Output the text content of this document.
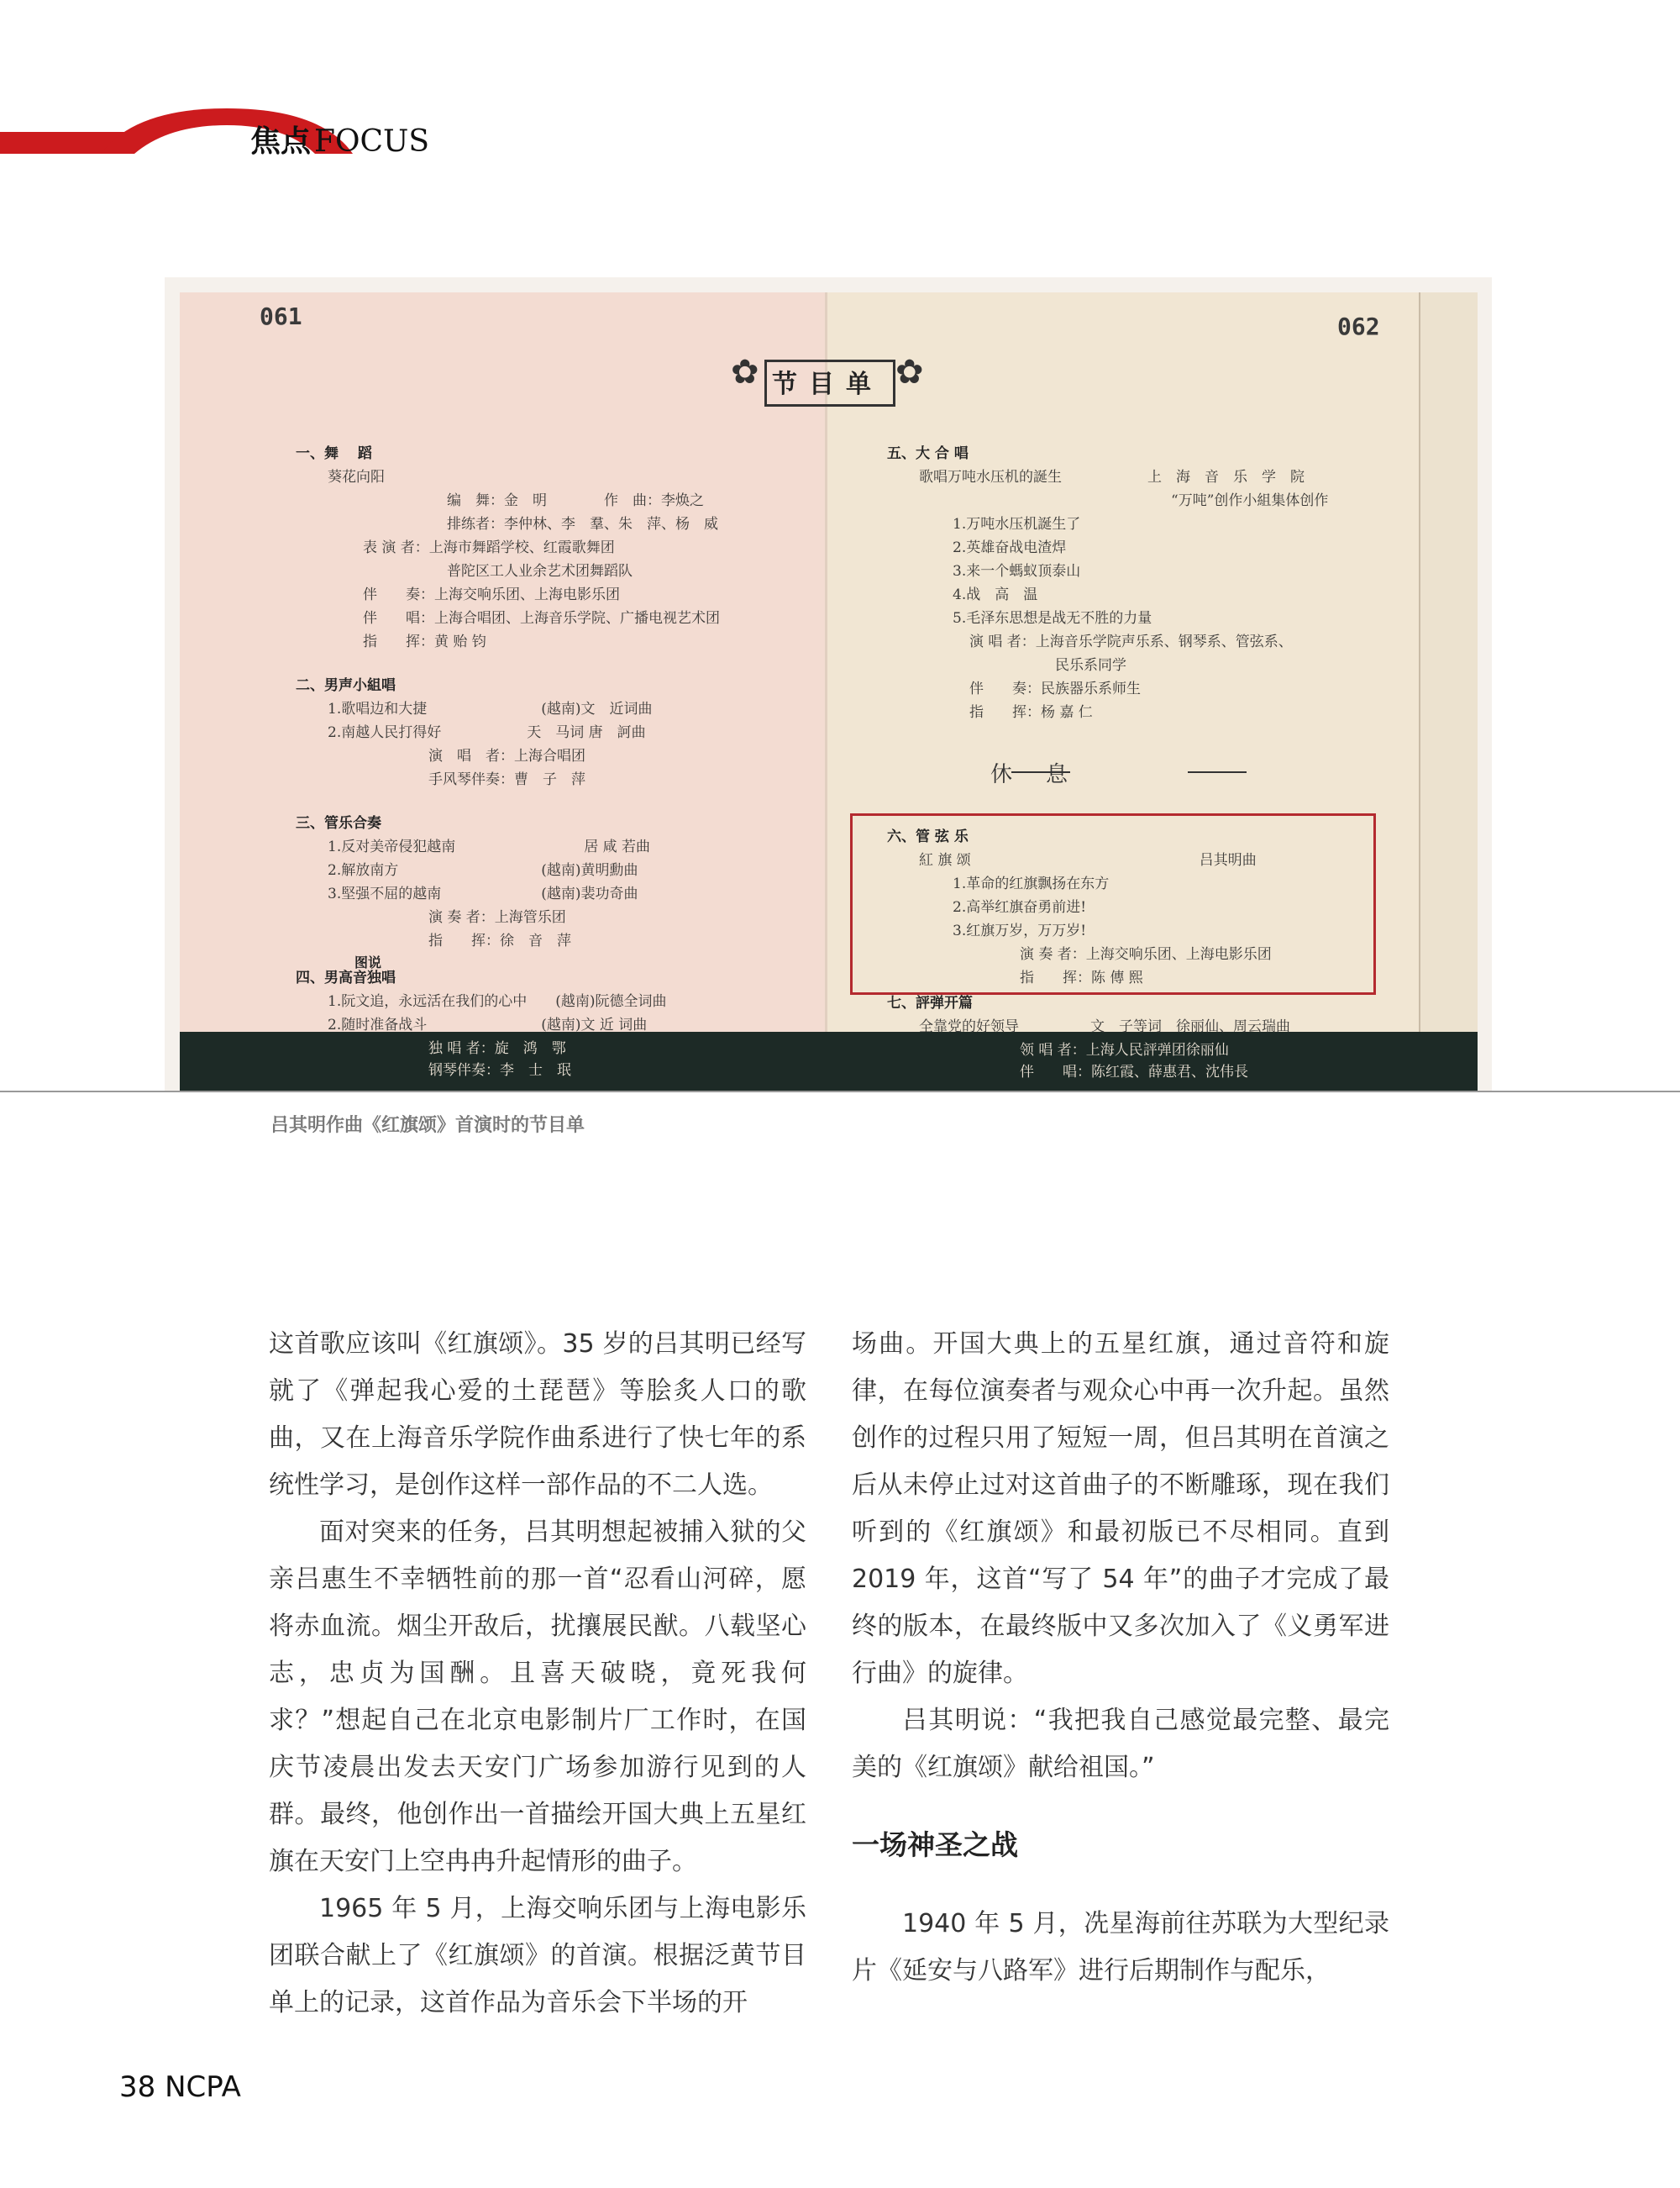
焦点 FOCUS
061	062
✿ 节目单 ✿
一、舞　 蹈
葵花向阳
编　舞：金　明　　　　作　曲：李焕之
排练者：李仲林、李　羣、朱　萍、杨　威
表 演 者：上海市舞蹈学校、红霞歌舞团
普陀区工人业余艺术团舞蹈队
伴　　奏：上海交响乐团、上海电影乐团
伴　　唱：上海合唱团、上海音乐学院、广播电视艺术团
指　　挥：黄 贻 钧
二、男声小組唱
1.歌唱边和大捷　　　　　　　　(越南)文　近词曲
2.南越人民打得好　　　　　　天　马词 唐　訶曲
演　唱　者：上海合唱团
手风琴伴奏：曹　子　萍
三、管乐合奏
1.反对美帝侵犯越南　　　　　　　　　居 咸 若曲
2.解放南方　　　　　　　　　　(越南)黄明勳曲
3.堅强不屈的越南　　　　　　　(越南)裴功奇曲
演 奏 者：上海管乐团
指　　挥：徐　音　萍
图说
四、男高音独唱
1.阮文追，永远活在我们的心中　　(越南)阮德全词曲
2.随时准备战斗　　　　　　　　(越南)文 近 词曲
独 唱 者：旋　鸿　鄂
钢琴伴奏：李　士　珉
五、大 合 唱
歌唱万吨水压机的誕生　　　　　　上　海　音　乐　学　院
“万吨”创作小組集体创作
1.万吨水压机誕生了
2.英雄奋战电渣焊
3.来一个螞蚁顶泰山
4.战　高　温
5.毛泽东思想是战无不胜的力量
演 唱 者：上海音乐学院声乐系、钢琴系、管弦系、
民乐系同学
伴　　奏：民族器乐系师生
指　　挥：杨 嘉 仁
休息
六、管 弦 乐
紅 旗 颂　　　　　　　　　　　　　　　　吕其明曲
1.革命的红旗飘扬在东方
2.高举红旗奋勇前进!
3.红旗万岁，万万岁!
演 奏 者：上海交响乐团、上海电影乐团
指　　挥：陈 傳 熙
七、評弹开篇
全靠党的好领导　　　　　文　子等词　徐丽仙、周云瑞曲
领 唱 者：上海人民評弹团徐丽仙
伴　　唱：陈红霞、薛惠君、沈伟長
吕其明作曲《红旗颂》首演时的节目单

这首歌应该叫《红旗颂》。35 岁的吕其明已经写就了《弹起我心爱的土琵琶》等脍炙人口的歌曲，又在上海音乐学院作曲系进行了快七年的系统性学习，是创作这样一部作品的不二人选。

面对突来的任务，吕其明想起被捕入狱的父亲吕惠生不幸牺牲前的那一首“忍看山河碎，愿将赤血流。烟尘开敌后，扰攘展民猷。八载坚心志，忠贞为国酬。且喜天破晓，竟死我何求？”想起自己在北京电影制片厂工作时，在国庆节凌晨出发去天安门广场参加游行见到的人群。最终，他创作出一首描绘开国大典上五星红旗在天安门上空冉冉升起情形的曲子。

1965 年 5 月，上海交响乐团与上海电影乐团联合献上了《红旗颂》的首演。根据泛黄节目单上的记录，这首作品为音乐会下半场的开

场曲。开国大典上的五星红旗，通过音符和旋律，在每位演奏者与观众心中再一次升起。虽然创作的过程只用了短短一周，但吕其明在首演之后从未停止过对这首曲子的不断雕琢，现在我们听到的《红旗颂》和最初版已不尽相同。直到 2019 年，这首“写了 54 年”的曲子才完成了最终的版本，在最终版中又多次加入了《义勇军进行曲》的旋律。

吕其明说：“我把我自己感觉最完整、最完美的《红旗颂》献给祖国。”

一场神圣之战

1940 年 5 月，冼星海前往苏联为大型纪录片《延安与八路军》进行后期制作与配乐，

38 NCPA
